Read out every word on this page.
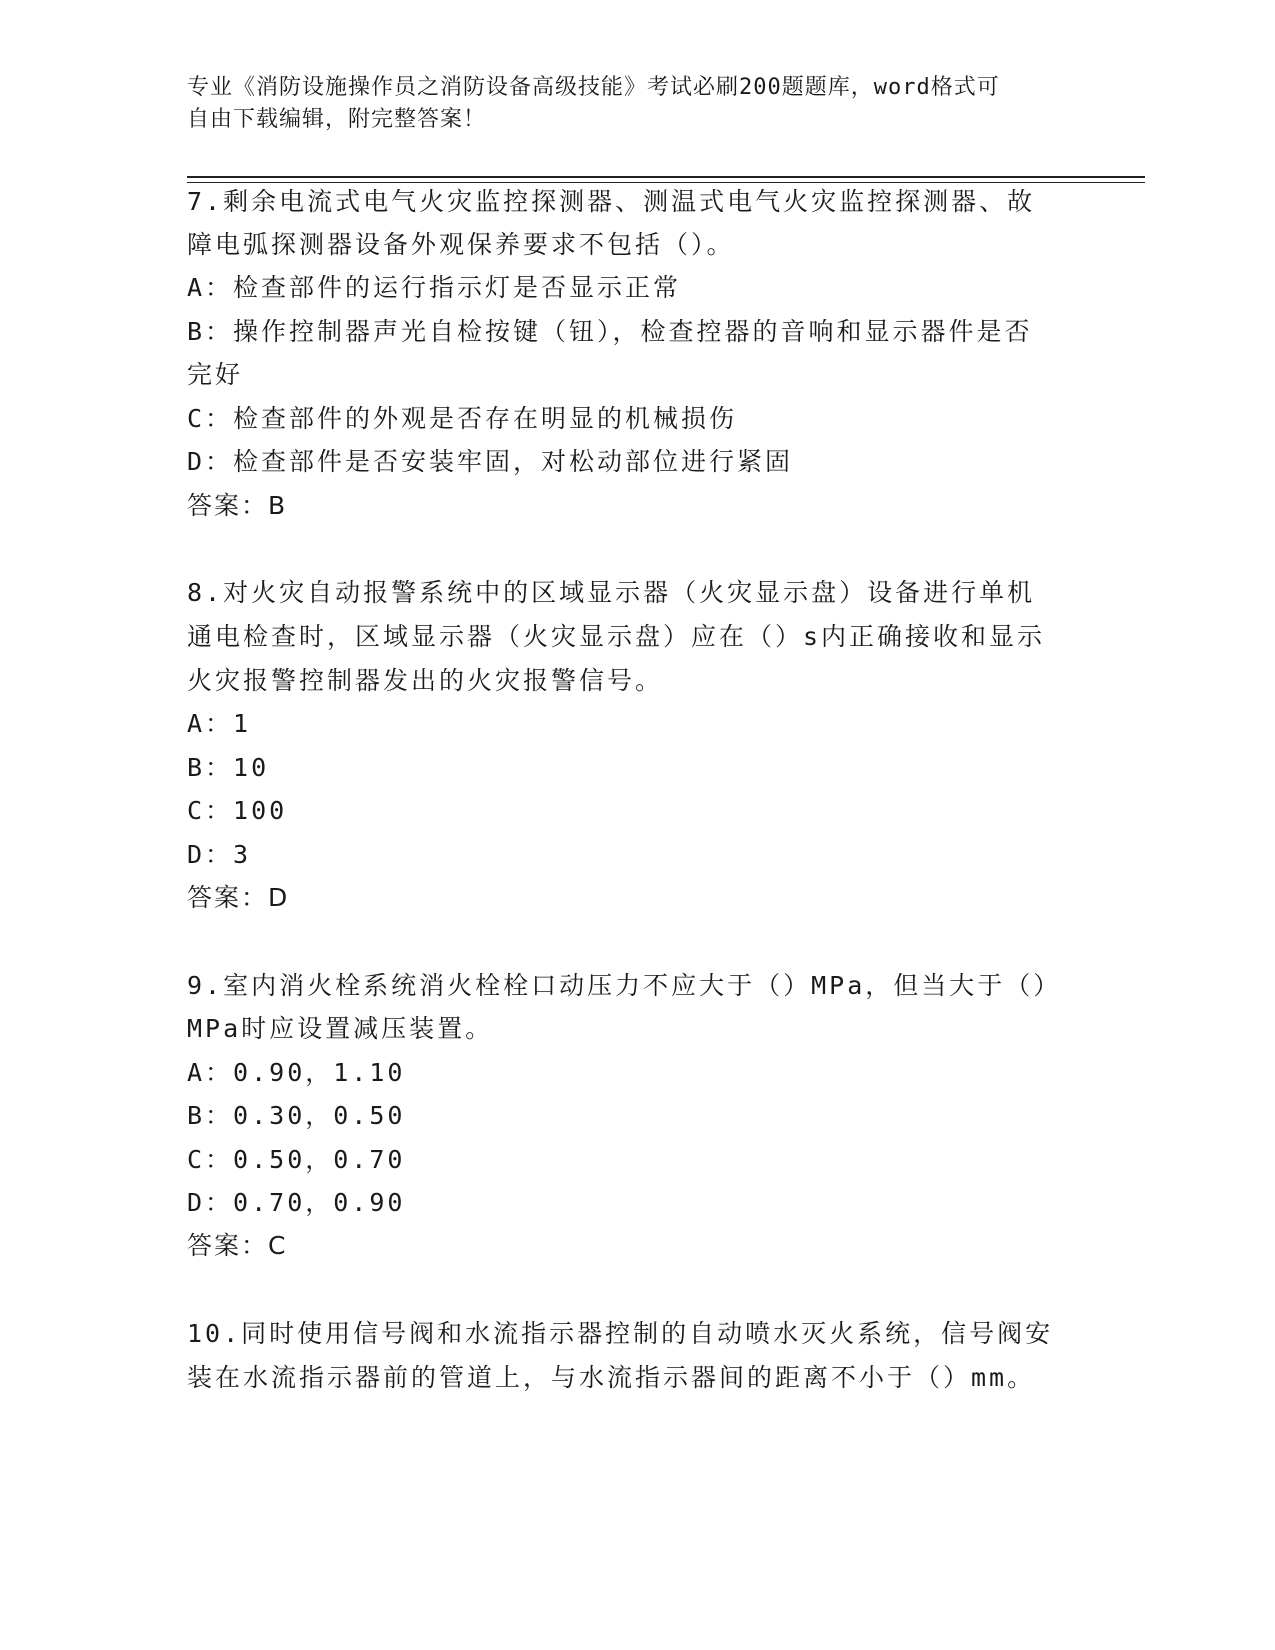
专业《消防设施操作员之消防设备高级技能》考试必刷200题题库，word格式可
自由下载编辑，附完整答案！
7.剩余电流式电气火灾监控探测器、测温式电气火灾监控探测器、故
障电弧探测器设备外观保养要求不包括（）。
A：检查部件的运行指示灯是否显示正常
B：操作控制器声光自检按键（钮），检查控器的音响和显示器件是否
完好
C：检查部件的外观是否存在明显的机械损伤
D：检查部件是否安装牢固，对松动部位进行紧固
答案：B
8.对火灾自动报警系统中的区域显示器（火灾显示盘）设备进行单机
通电检查时，区域显示器（火灾显示盘）应在（）s内正确接收和显示
火灾报警控制器发出的火灾报警信号。
A：1
B：10
C：100
D：3
答案：D
9.室内消火栓系统消火栓栓口动压力不应大于（）MPa，但当大于（）
MPa时应设置减压装置。
A：0.90，1.10
B：0.30，0.50
C：0.50，0.70
D：0.70，0.90
答案：C
10.同时使用信号阀和水流指示器控制的自动喷水灭火系统，信号阀安
装在水流指示器前的管道上，与水流指示器间的距离不小于（）mm。
